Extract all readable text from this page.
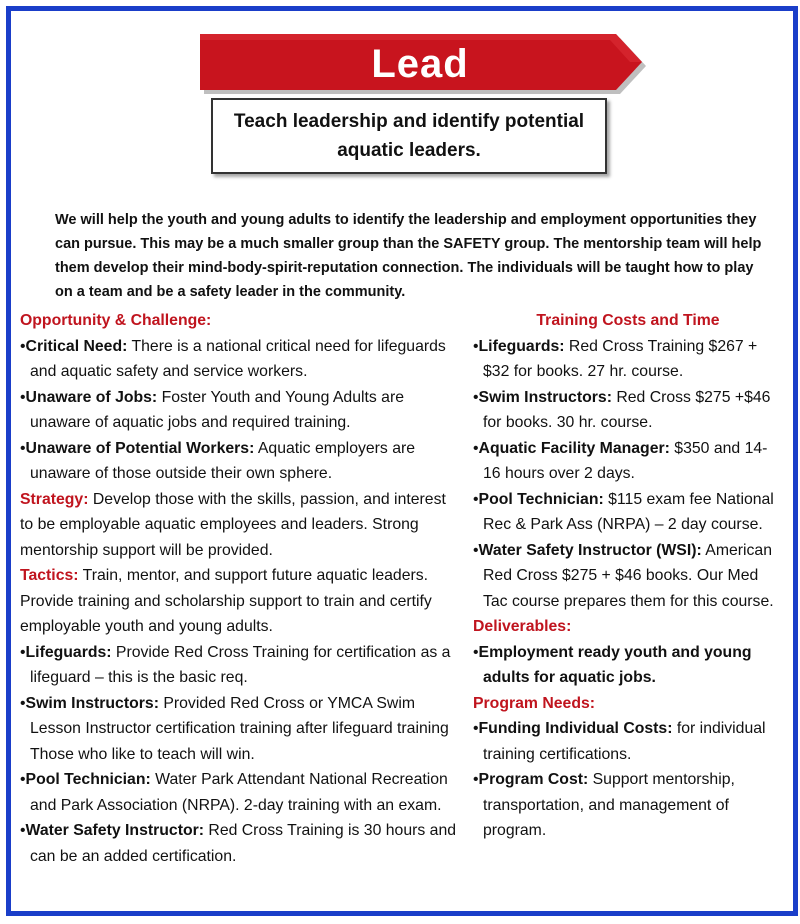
Lead
Teach leadership and identify potential aquatic leaders.
We will help the youth and young adults to identify the leadership and employment opportunities they can pursue. This may be a much smaller group than the SAFETY group. The mentorship team will help them develop their mind-body-spirit-reputation connection. The individuals will be taught how to play on a team and be a safety leader in the community.
Opportunity & Challenge:
•Critical Need: There is a national critical need for lifeguards and aquatic safety and service workers.
•Unaware of Jobs: Foster Youth and Young Adults are unaware of aquatic jobs and required training.
•Unaware of Potential Workers: Aquatic employers are unaware of those outside their own sphere.
Strategy: Develop those with the skills, passion, and interest to be employable aquatic employees and leaders. Strong mentorship support will be provided.
Tactics: Train, mentor, and support future aquatic leaders. Provide training and scholarship support to train and certify employable youth and young adults.
•Lifeguards: Provide Red Cross Training for certification as a lifeguard – this is the basic req.
•Swim Instructors: Provided Red Cross or YMCA Swim Lesson Instructor certification training after lifeguard training Those who like to teach will win.
•Pool Technician: Water Park Attendant National Recreation and Park Association (NRPA). 2-day training with an exam.
•Water Safety Instructor: Red Cross Training is 30 hours and can be an added certification.
Training Costs and Time
•Lifeguards: Red Cross Training $267 + $32 for books. 27 hr. course.
•Swim Instructors: Red Cross $275 +$46 for books. 30 hr. course.
•Aquatic Facility Manager: $350 and 14-16 hours over 2 days.
•Pool Technician: $115 exam fee National Rec & Park Ass (NRPA) – 2 day course.
•Water Safety Instructor (WSI): American Red Cross $275 + $46 books. Our Med Tac course prepares them for this course.
Deliverables:
•Employment ready youth and young adults for aquatic jobs.
Program Needs:
•Funding Individual Costs: for individual training certifications.
•Program Cost: Support mentorship, transportation, and management of program.
